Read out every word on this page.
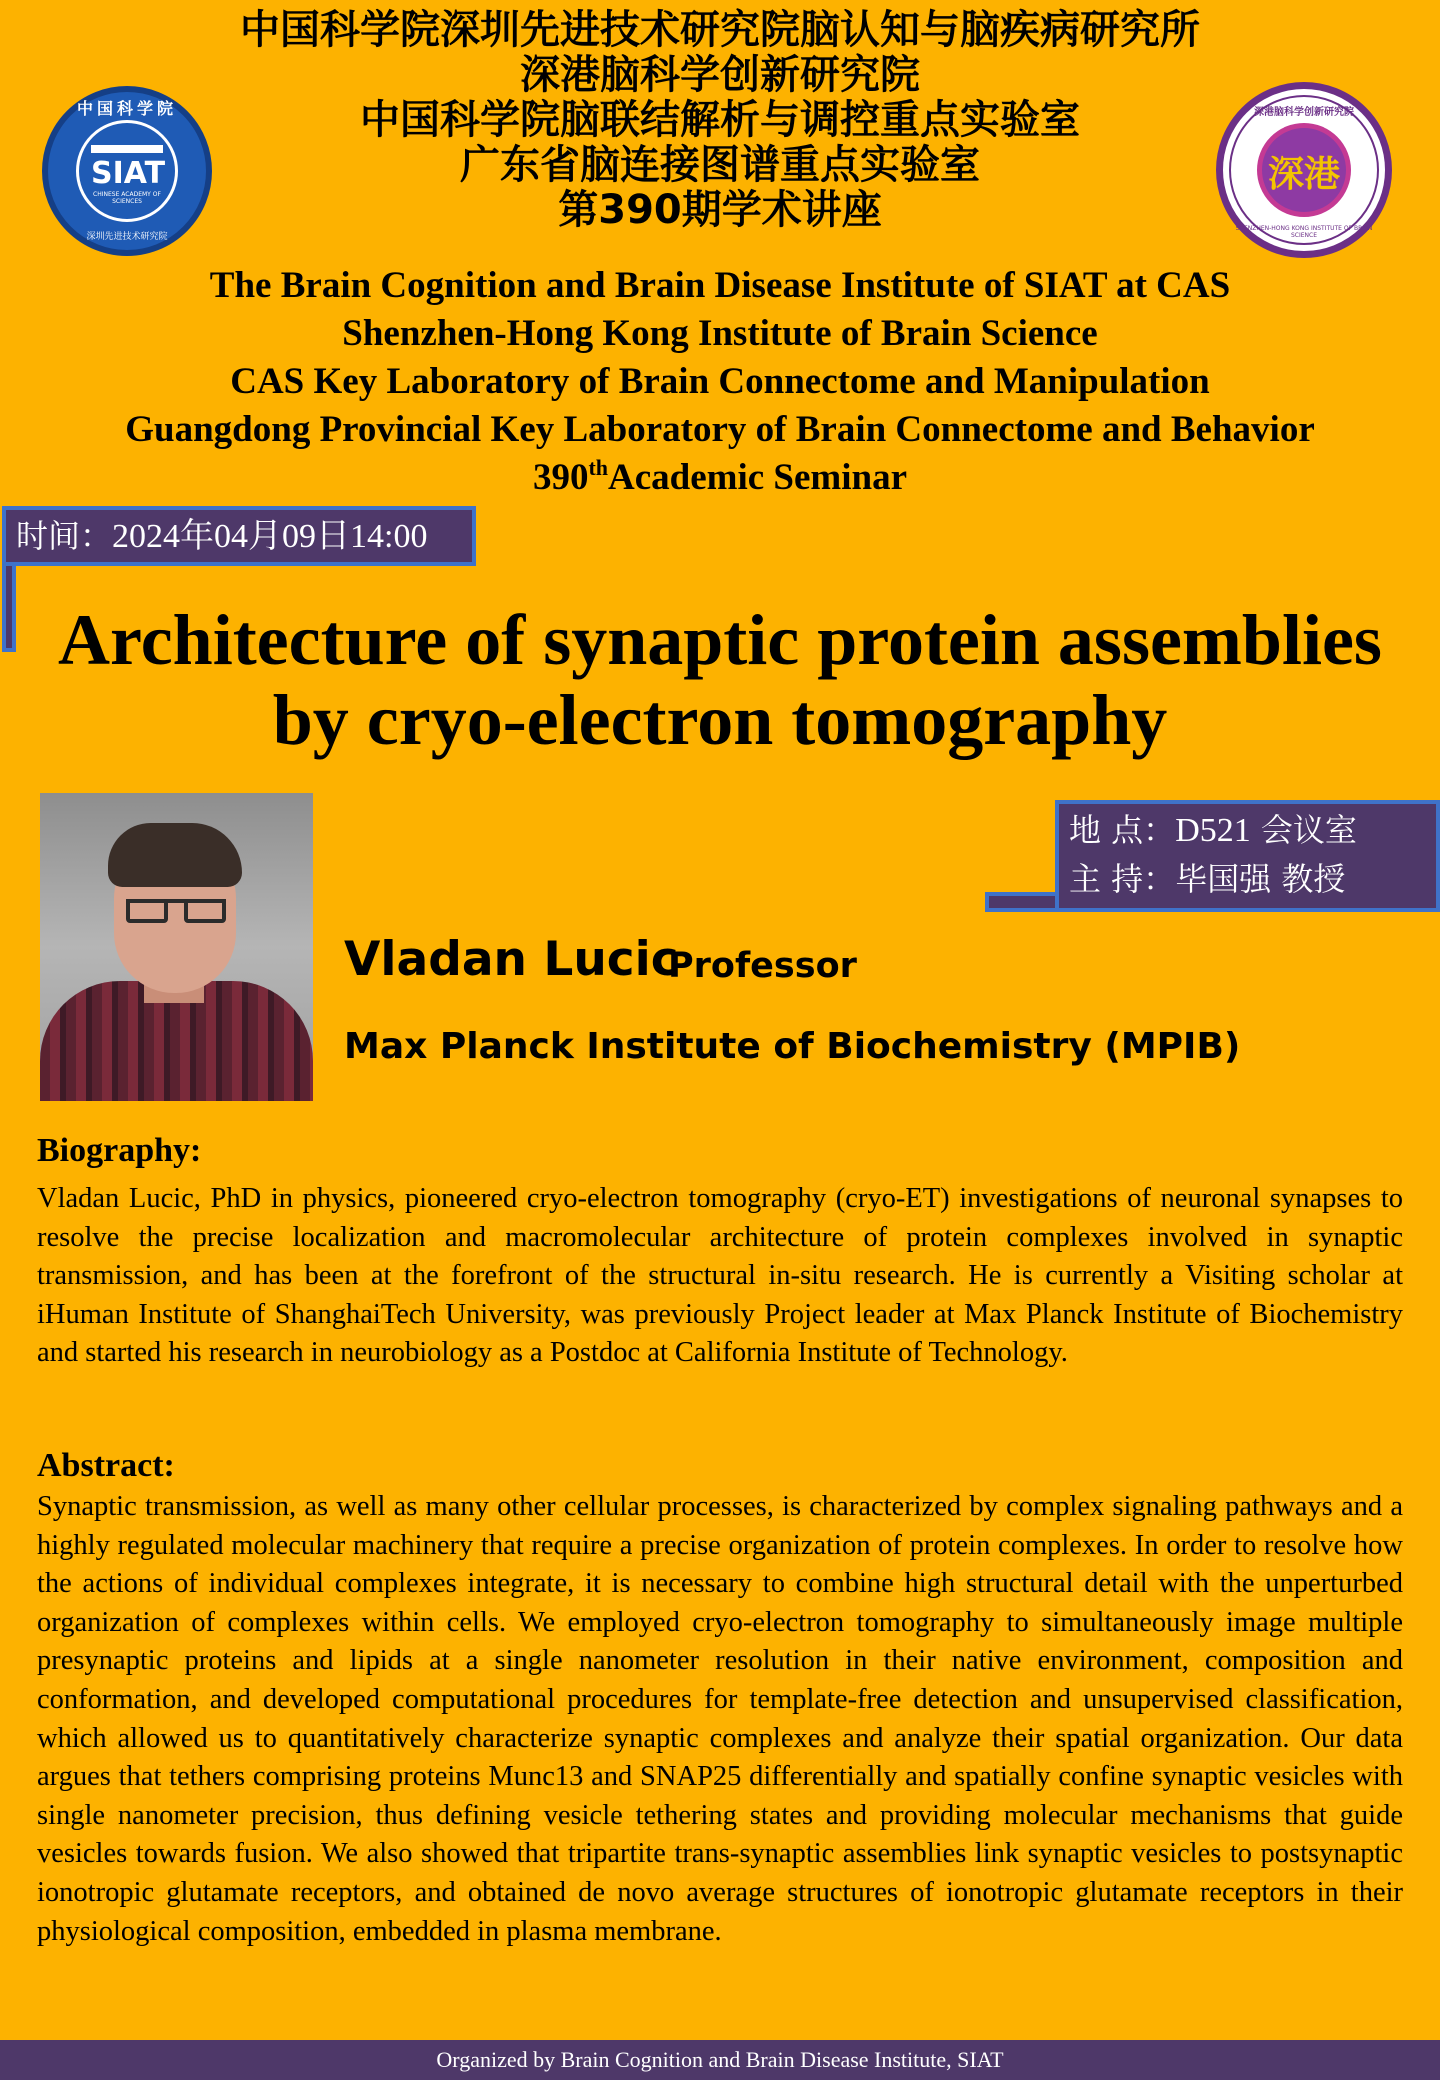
中国科学院
SIAT
CHINESE ACADEMY OF SCIENCES
深圳先进技术研究院
深港脑科学创新研究院
深港
SHENZHEN-HONG KONG INSTITUTE OF BRAIN SCIENCE
中国科学院深圳先进技术研究院脑认知与脑疾病研究所
深港脑科学创新研究院
中国科学院脑联结解析与调控重点实验室
广东省脑连接图谱重点实验室
第390期学术讲座
The Brain Cognition and Brain Disease Institute of SIAT at CAS
Shenzhen-Hong Kong Institute of Brain Science
CAS Key Laboratory of Brain Connectome and Manipulation
Guangdong Provincial Key Laboratory of Brain Connectome and Behavior
390thAcademic Seminar
时间：2024年04月09日14:00
Architecture of synaptic protein assemblies
by cryo-electron tomography
地 点：D521 会议室
主 持：毕国强 教授
Vladan Lucic
Professor
Max Planck Institute of Biochemistry (MPIB)
Biography:
Vladan Lucic, PhD in physics, pioneered cryo-electron tomography (cryo-ET) investigations of neuronal synapses to resolve the precise localization and macromolecular architecture of protein complexes involved in synaptic transmission, and has been at the forefront of the structural in-situ research. He is currently a Visiting scholar at iHuman Institute of ShanghaiTech University, was previously Project leader at Max Planck Institute of Biochemistry and started his research in neurobiology as a Postdoc at California Institute of Technology.
Abstract:
Synaptic transmission, as well as many other cellular processes, is characterized by complex signaling pathways and a highly regulated molecular machinery that require a precise organization of protein complexes. In order to resolve how the actions of individual complexes integrate, it is necessary to combine high structural detail with the unperturbed organization of complexes within cells. We employed cryo-electron tomography to simultaneously image multiple presynaptic proteins and lipids at a single nanometer resolution in their native environment, composition and conformation, and developed computational procedures for template-free detection and unsupervised classification, which allowed us to quantitatively characterize synaptic complexes and analyze their spatial organization. Our data argues that tethers comprising proteins Munc13 and SNAP25 differentially and spatially confine synaptic vesicles with single nanometer precision, thus defining vesicle tethering states and providing molecular mechanisms that guide vesicles towards fusion. We also showed that tripartite trans-synaptic assemblies link synaptic vesicles to postsynaptic ionotropic glutamate receptors, and obtained de novo average structures of ionotropic glutamate receptors in their physiological composition, embedded in plasma membrane.
Organized by Brain Cognition and Brain Disease Institute, SIAT
